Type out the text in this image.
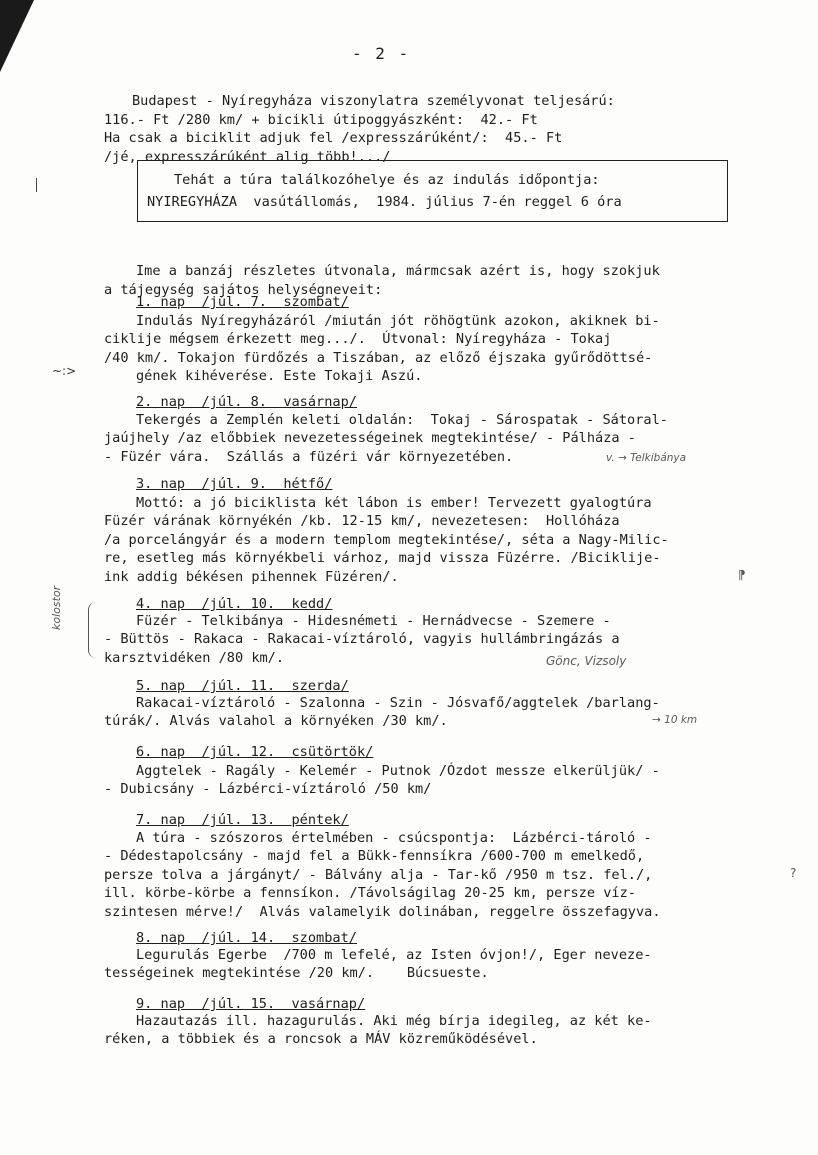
- 2 -

Budapest - Nyíregyháza viszonylatra személyvonat teljesárú:
116.- Ft /280 km/ + bicikli útipoggyászként:  42.- Ft
Ha csak a biciklit adjuk fel /expresszárúként/:  45.- Ft
/jé, expresszárúként alig több!.../
Tehát a túra találkozóhelye és az indulás időpontja:

NYIREGYHÁZA  vasútállomás,  1984. július 7-én reggel 6 óra

Ime a banzáj részletes útvonala, mármcsak azért is, hogy szokjuk
a tájegység sajátos helységneveit:
1. nap  /júl. 7.  szombat/
Indulás Nyíregyházáról /miután jót röhögtünk azokon, akiknek bi-
ciklije mégsem érkezett meg.../.  Útvonal: Nyíregyháza - Tokaj
/40 km/. Tokajon fürdőzés a Tiszában, az előző éjszaka gyűrődöttsé-
gének kihéverése. Este Tokaji Aszú.
2. nap  /júl. 8.  vasárnap/
Tekergés a Zemplén keleti oldalán:  Tokaj - Sárospatak - Sátoral-
jaújhely /az előbbiek nevezetességeinek megtekintése/ - Pálháza -
- Füzér vára.  Szállás a füzéri vár környezetében.
3. nap  /júl. 9.  hétfő/
Mottó: a jó biciklista két lábon is ember! Tervezett gyalogtúra
Füzér várának környékén /kb. 12-15 km/, nevezetesen:  Hollóháza
/a porcelángyár és a modern templom megtekintése/, séta a Nagy-Milic-
re, esetleg más környékbeli várhoz, majd vissza Füzérre. /Biciklije-
ink addig békésen pihennek Füzéren/.
4. nap  /júl. 10.  kedd/
Füzér - Telkibánya - Hidesnémeti - Hernádvecse - Szemere -
- Büttös - Rakaca - Rakacai-víztároló, vagyis hullámbringázás a
karsztvidéken /80 km/.
5. nap  /júl. 11.  szerda/
Rakacai-víztároló - Szalonna - Szin - Jósvafő/aggtelek /barlang-
túrák/. Alvás valahol a környéken /30 km/.
6. nap  /júl. 12.  csütörtök/
Aggtelek - Ragály - Kelemér - Putnok /Ózdot messze elkerüljük/ -
- Dubicsány - Lázbérci-víztároló /50 km/
7. nap  /júl. 13.  péntek/
A túra - szószoros értelmében - csúcspontja:  Lázbérci-tároló -
- Dédestapolcsány - majd fel a Bükk-fennsíkra /600-700 m emelkedő,
persze tolva a járgányt/ - Bálvány alja - Tar-kő /950 m tsz. fel./,
ill. körbe-körbe a fennsíkon. /Távolságilag 20-25 km, persze víz-
szintesen mérve!/  Alvás valamelyik dolinában, reggelre összefagyva.
8. nap  /júl. 14.  szombat/
Legurulás Egerbe  /700 m lefelé, az Isten óvjon!/, Eger neveze-
tességeinek megtekintése /20 km/.    Búcsueste.
9. nap  /júl. 15.  vasárnap/
Hazautazás ill. hazagurulás. Aki még bírja idegileg, az két ke-
réken, a többiek és a roncsok a MÁV közreműködésével.
v. → Telkibánya
Gönc, Vizsoly
→ 10 km
kolostor
~:>
⁋
?
